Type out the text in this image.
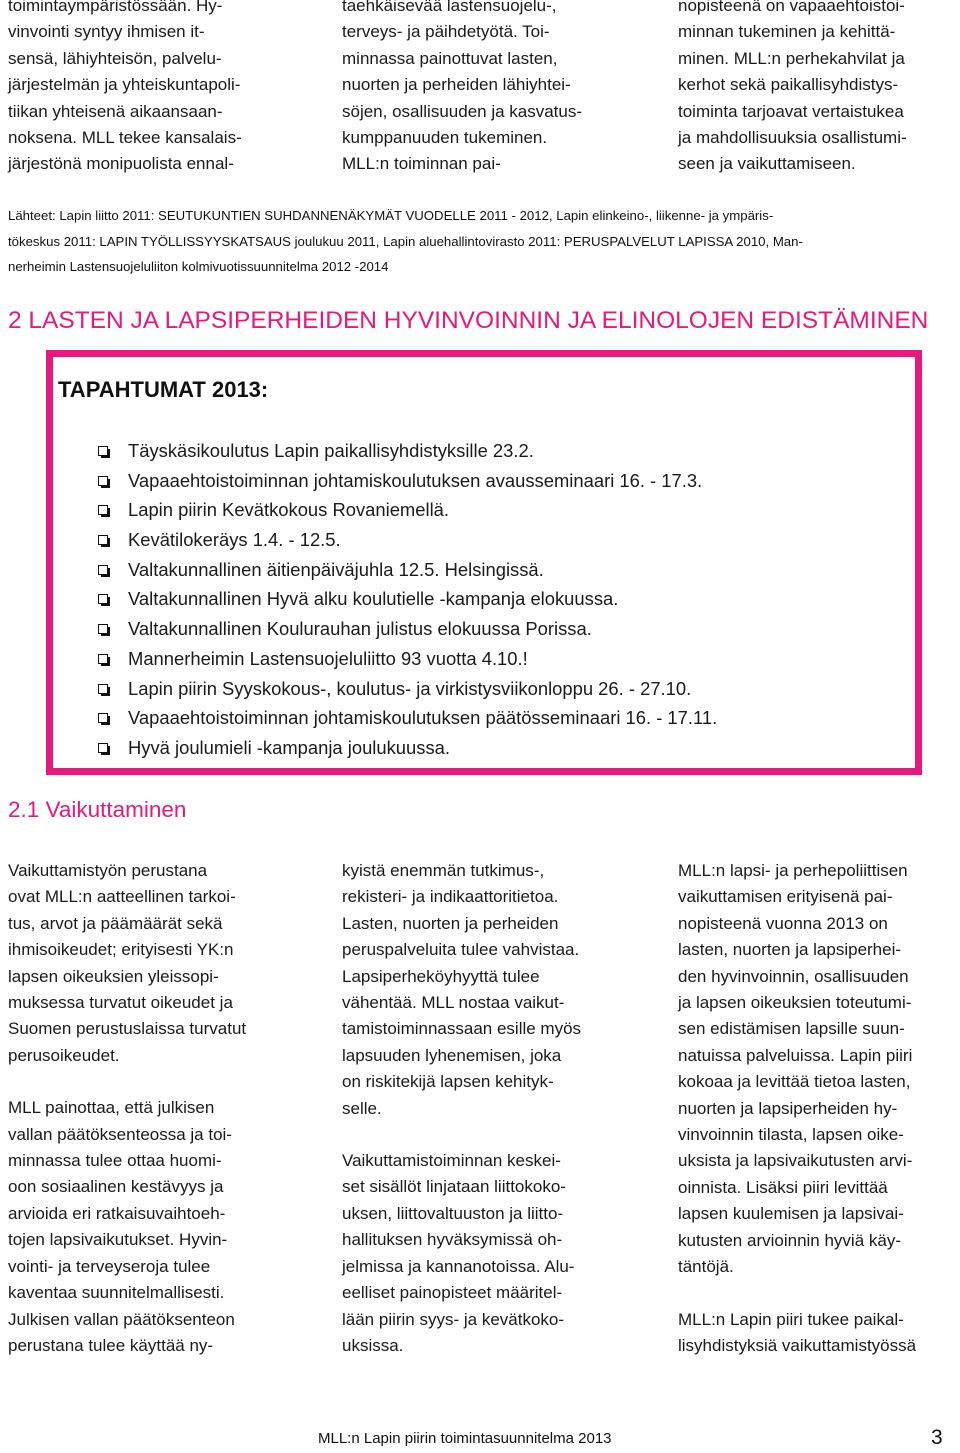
toimintaympäristössään. Hy-
vinvointi syntyy ihmisen it-
sensä, lähiyhteisön, palvelu-
järjestelmän ja yhteiskuntapoli-
tiikan yhteisenä aikaansaan-
noksena. MLL tekee kansalais-
järjestönä monipuolista ennal-

taehkäisevää lastensuojelu-,
terveys- ja päihdetyötä. Toi-
minnassa painottuvat lasten,
nuorten ja perheiden lähiyhtei-
söjen, osallisuuden ja kasvatus-
kumppanuuden tukeminen.
MLL:n toiminnan pai-

nopisteenä on vapaaehtoistoi-
minnan tukeminen ja kehittä-
minen. MLL:n perhekahvilat ja
kerhot sekä paikallisyhdistys-
toiminta tarjoavat vertaistukea
ja mahdollisuuksia osallistumi-
seen ja vaikuttamiseen.

Lähteet: Lapin liitto 2011: SEUTUKUNTIEN SUHDANNENÄKYMÄT VUODELLE 2011 - 2012, Lapin elinkeino-, liikenne- ja ympäris-
tökeskus 2011: LAPIN TYÖLLISSYYSKATSAUS joulukuu 2011, Lapin aluehallintovirasto 2011: PERUSPALVELUT LAPISSA 2010, Man-
nerheimin Lastensuojeluliiton kolmivuotissuunnitelma 2012 -2014
2 LASTEN JA LAPSIPERHEIDEN HYVINVOINNIN JA ELINOLOJEN EDISTÄMINEN
TAPAHTUMAT 2013:
Täyskäsikoulutus Lapin paikallisyhdistyksille 23.2.
Vapaaehtoistoiminnan johtamiskoulutuksen avausseminaari 16. - 17.3.
Lapin piirin Kevätkokous Rovaniemellä.
Kevätilokeräys 1.4. - 12.5.
Valtakunnallinen äitienpäiväjuhla 12.5. Helsingissä.
Valtakunnallinen Hyvä alku koulutielle -kampanja elokuussa.
Valtakunnallinen Koulurauhan julistus elokuussa Porissa.
Mannerheimin Lastensuojeluliitto 93 vuotta 4.10.!
Lapin piirin Syyskokous-, koulutus- ja virkistysviikonloppu 26. - 27.10.
Vapaaehtoistoiminnan johtamiskoulutuksen päätösseminaari 16. - 17.11.
Hyvä joulumieli -kampanja joulukuussa.
2.1 Vaikuttaminen

Vaikuttamistyön perustana
ovat MLL:n aatteellinen tarkoi-
tus, arvot ja päämäärät sekä
ihmisoikeudet; erityisesti YK:n
lapsen oikeuksien yleissopi-
muksessa turvatut oikeudet ja
Suomen perustuslaissa turvatut
perusoikeudet.

MLL painottaa, että julkisen
vallan päätöksenteossa ja toi-
minnassa tulee ottaa huomi-
oon sosiaalinen kestävyys ja
arvioida eri ratkaisuvaihtoeh-
tojen lapsivaikutukset. Hyvin-
vointi- ja terveyseroja tulee
kaventaa suunnitelmallisesti.
Julkisen vallan päätöksenteon
perustana tulee käyttää ny-

kyistä enemmän tutkimus-,
rekisteri- ja indikaattoritietoa.
Lasten, nuorten ja perheiden
peruspalveluita tulee vahvistaa.
Lapsiperheköyhyyttä tulee
vähentää. MLL nostaa vaikut-
tamistoiminnassaan esille myös
lapsuuden lyhenemisen, joka
on riskitekijä lapsen kehityk-
selle.

Vaikuttamistoiminnan keskei-
set sisällöt linjataan liittokoko-
uksen, liittovaltuuston ja liitto-
hallituksen hyväksymissä oh-
jelmissa ja kannanotoissa. Alu-
eelliset painopisteet määritel-
lään piirin syys- ja kevätkoko-
uksissa.

MLL:n lapsi- ja perhepoliittisen
vaikuttamisen erityisenä pai-
nopisteenä vuonna 2013 on
lasten, nuorten ja lapsiperhei-
den hyvinvoinnin, osallisuuden
ja lapsen oikeuksien toteutumi-
sen edistämisen lapsille suun-
natuissa palveluissa. Lapin piiri
kokoaa ja levittää tietoa lasten,
nuorten ja lapsiperheiden hy-
vinvoinnin tilasta, lapsen oike-
uksista ja lapsivaikutusten arvi-
oinnista. Lisäksi piiri levittää
lapsen kuulemisen ja lapsivai-
kutusten arvioinnin hyviä käy-
täntöjä.

MLL:n Lapin piiri tukee paikal-
lisyhdistyksiä vaikuttamistyössä

MLL:n Lapin piirin toimintasuunnitelma 2013	3
